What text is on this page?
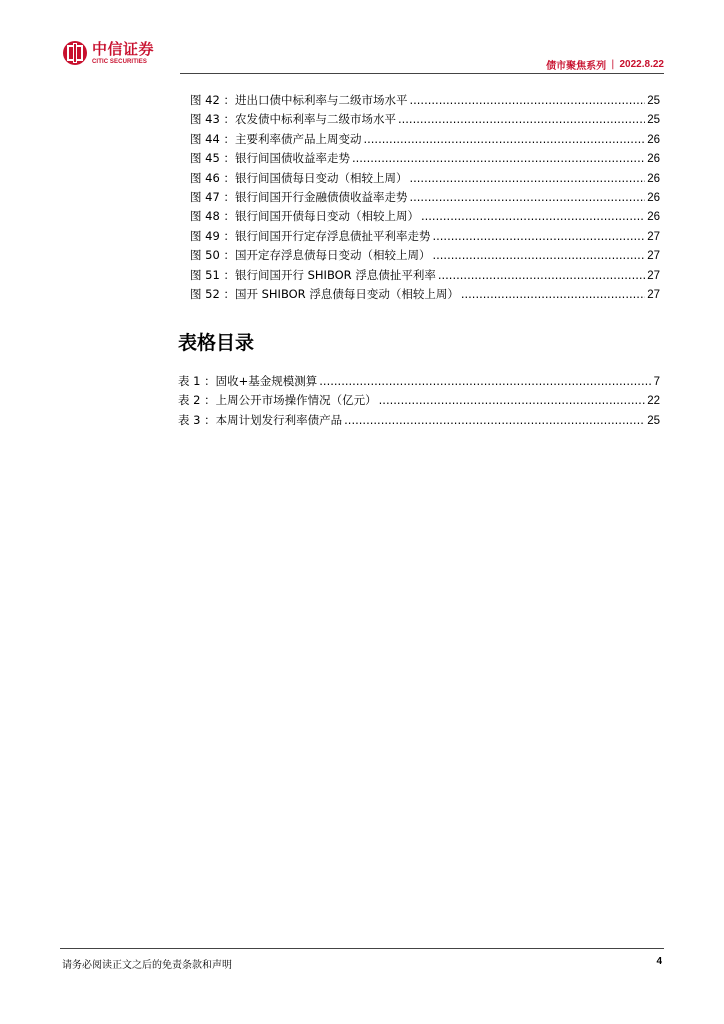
中信证券
CITIC SECURITIES	债市聚焦系列 | 2022.8.22
图 42 ：进出口债中标利率与二级市场水平 .....	25
图 43 ：农发债中标利率与二级市场水平 .....	25
图 44 ：主要利率债产品上周变动 .....	26
图 45 ：银行间国债收益率走势 .....	26
图 46 ：银行间国债每日变动（相较上周） .....	26
图 47 ：银行间国开行金融债债收益率走势 .....	26
图 48 ：银行间国开债每日变动（相较上周） .....	26
图 49 ：银行间国开行定存浮息债扯平利率走势 .....	27
图 50 ：国开定存浮息债每日变动（相较上周） .....	27
图 51 ：银行间国开行 SHIBOR 浮息债扯平利率 .....	27
图 52 ：国开 SHIBOR 浮息债每日变动（相较上周） .....	27
表格目录
表 1 ：固收+基金规模测算 .....	7
表 2 ：上周公开市场操作情况（亿元） .....	22
表 3 ：本周计划发行利率债产品 .....	25
请务必阅读正文之后的免责条款和声明	4
